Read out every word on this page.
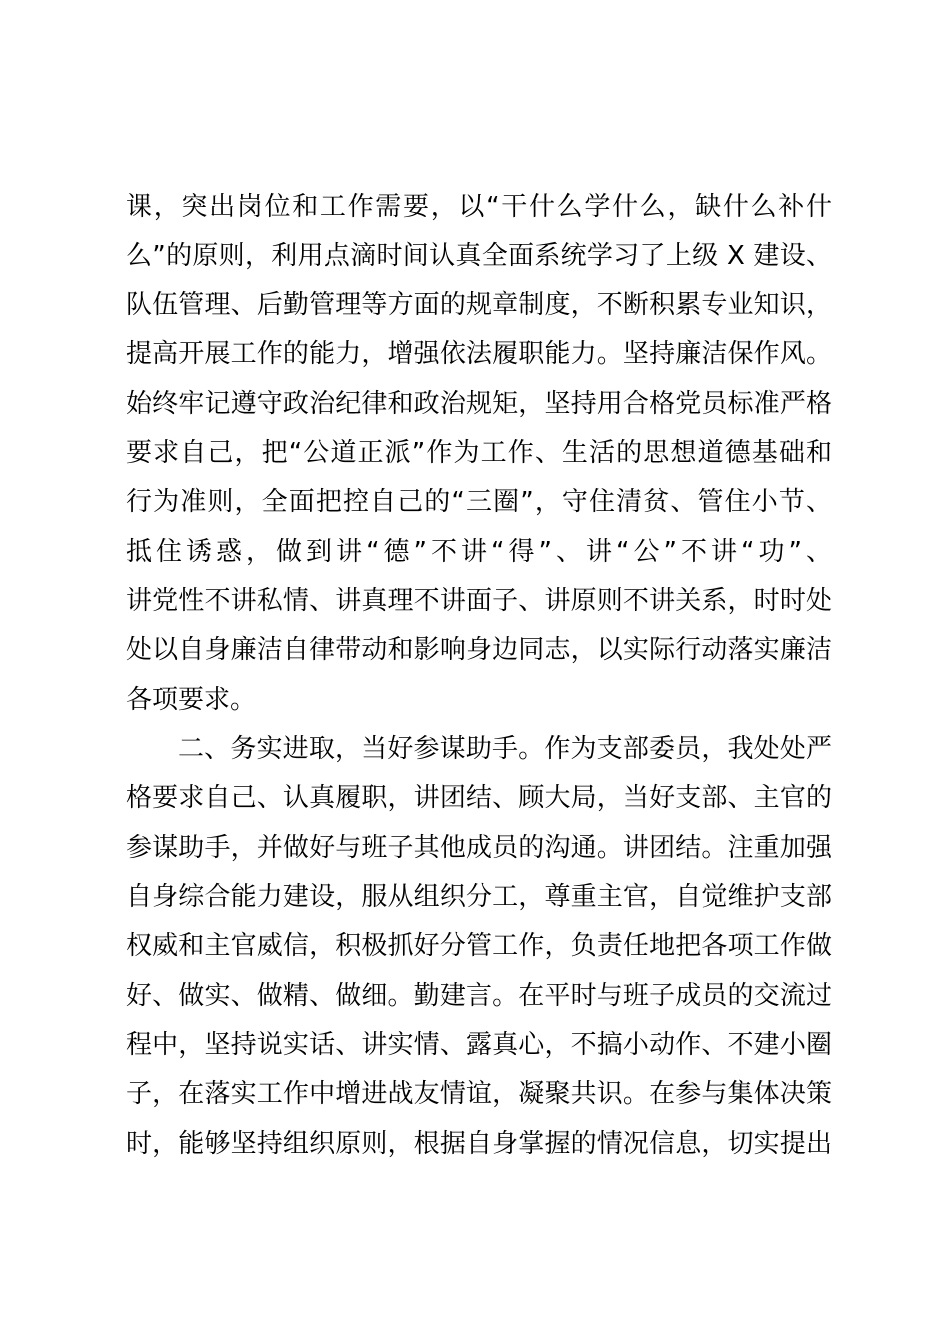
课，突出岗位和工作需要，以“干什么学什么，缺什么补什
么”的原则，利用点滴时间认真全面系统学习了上级 X 建设、
队伍管理、后勤管理等方面的规章制度，不断积累专业知识，
提高开展工作的能力，增强依法履职能力。坚持廉洁保作风。
始终牢记遵守政治纪律和政治规矩，坚持用合格党员标准严格
要求自己，把“公道正派”作为工作、生活的思想道德基础和
行为准则，全面把控自己的“三圈”，守住清贫、管住小节、
抵住诱惑，做到讲“德”不讲“得”、讲“公”不讲“功”、
讲党性不讲私情、讲真理不讲面子、讲原则不讲关系，时时处
处以自身廉洁自律带动和影响身边同志，以实际行动落实廉洁
各项要求。
二、务实进取，当好参谋助手。作为支部委员，我处处严
格要求自己、认真履职，讲团结、顾大局，当好支部、主官的
参谋助手，并做好与班子其他成员的沟通。讲团结。注重加强
自身综合能力建设，服从组织分工，尊重主官，自觉维护支部
权威和主官威信，积极抓好分管工作，负责任地把各项工作做
好、做实、做精、做细。勤建言。在平时与班子成员的交流过
程中，坚持说实话、讲实情、露真心，不搞小动作、不建小圈
子，在落实工作中增进战友情谊，凝聚共识。在参与集体决策
时，能够坚持组织原则，根据自身掌握的情况信息，切实提出
